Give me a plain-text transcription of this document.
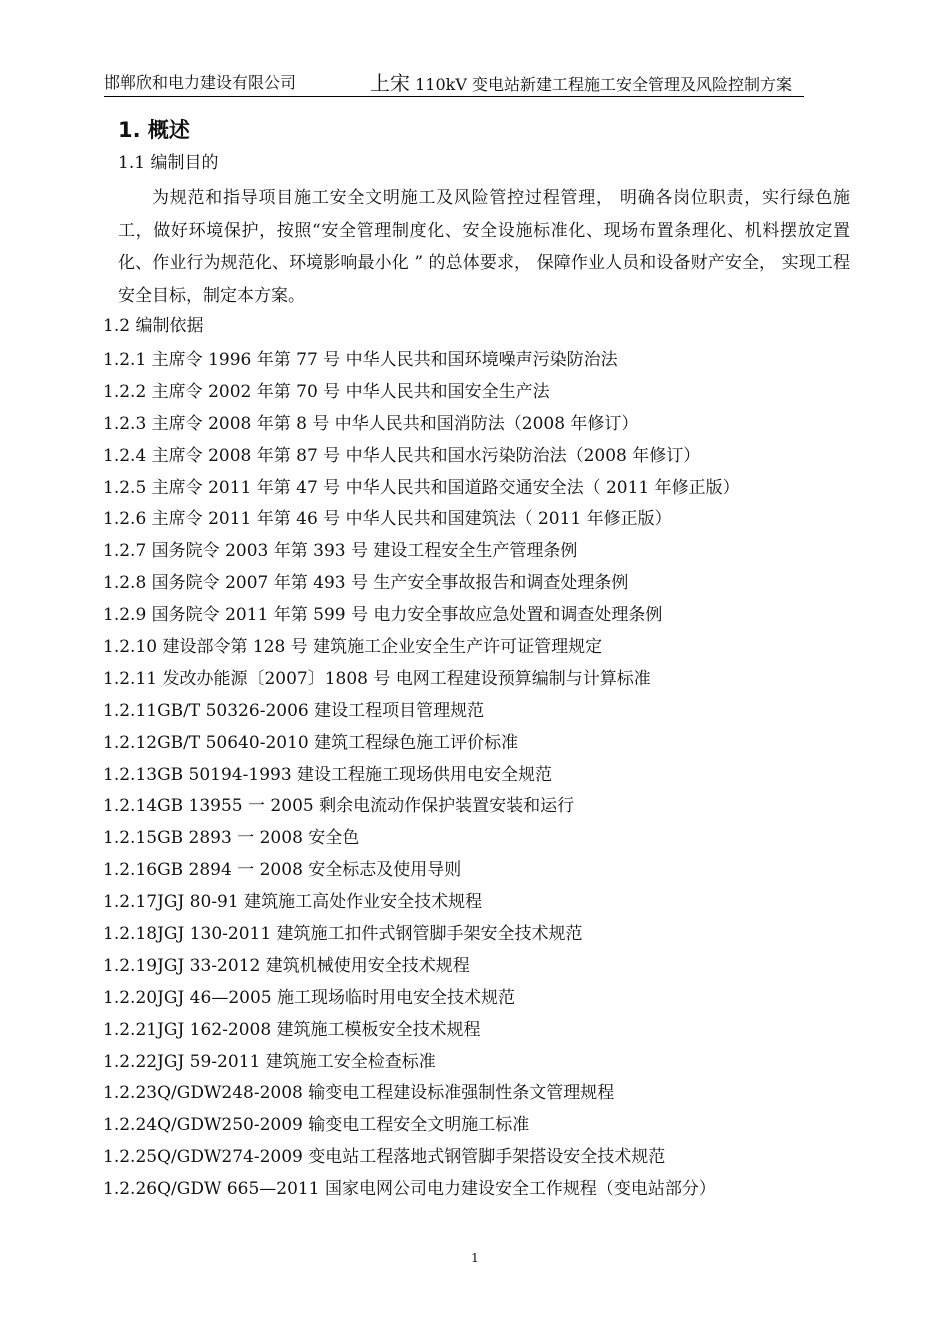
邯郸欣和电力建设有限公司	上宋 110kV 变电站新建工程施工安全管理及风险控制方案
1. 概述
1.1 编制目的

为规范和指导项目施工安全文明施工及风险管控过程管理， 明确各岗位职责，实行绿色施工，做好环境保护，按照“安全管理制度化、安全设施标准化、现场布置条理化、机料摆放定置化、作业行为规范化、环境影响最小化 ” 的总体要求， 保障作业人员和设备财产安全， 实现工程安全目标，制定本方案。

1.2 编制依据
1.2.1 主席令 1996 年第 77 号 中华人民共和国环境噪声污染防治法
1.2.2 主席令 2002 年第 70 号 中华人民共和国安全生产法
1.2.3 主席令 2008 年第 8 号 中华人民共和国消防法（2008 年修订）
1.2.4 主席令 2008 年第 87 号 中华人民共和国水污染防治法（2008 年修订）
1.2.5 主席令 2011 年第 47 号 中华人民共和国道路交通安全法（ 2011 年修正版）
1.2.6 主席令 2011 年第 46 号 中华人民共和国建筑法（ 2011 年修正版）
1.2.7 国务院令 2003 年第 393 号 建设工程安全生产管理条例
1.2.8 国务院令 2007 年第 493 号 生产安全事故报告和调查处理条例
1.2.9 国务院令 2011 年第 599 号 电力安全事故应急处置和调查处理条例
1.2.10 建设部令第 128 号 建筑施工企业安全生产许可证管理规定
1.2.11 发改办能源〔2007〕1808 号 电网工程建设预算编制与计算标准
1.2.11GB/T 50326-2006 建设工程项目管理规范
1.2.12GB/T 50640-2010 建筑工程绿色施工评价标准
1.2.13GB 50194-1993 建设工程施工现场供用电安全规范
1.2.14GB 13955 一 2005 剩余电流动作保护装置安装和运行
1.2.15GB 2893 一 2008 安全色
1.2.16GB 2894 一 2008 安全标志及使用导则
1.2.17JGJ 80-91 建筑施工高处作业安全技术规程
1.2.18JGJ 130-2011 建筑施工扣件式钢管脚手架安全技术规范
1.2.19JGJ 33-2012 建筑机械使用安全技术规程
1.2.20JGJ 46—2005 施工现场临时用电安全技术规范
1.2.21JGJ 162-2008 建筑施工模板安全技术规程
1.2.22JGJ 59-2011 建筑施工安全检查标准
1.2.23Q/GDW248-2008 输变电工程建设标准强制性条文管理规程
1.2.24Q/GDW250-2009 输变电工程安全文明施工标准
1.2.25Q/GDW274-2009 变电站工程落地式钢管脚手架搭设安全技术规范
1.2.26Q/GDW 665—2011 国家电网公司电力建设安全工作规程（变电站部分）
1
